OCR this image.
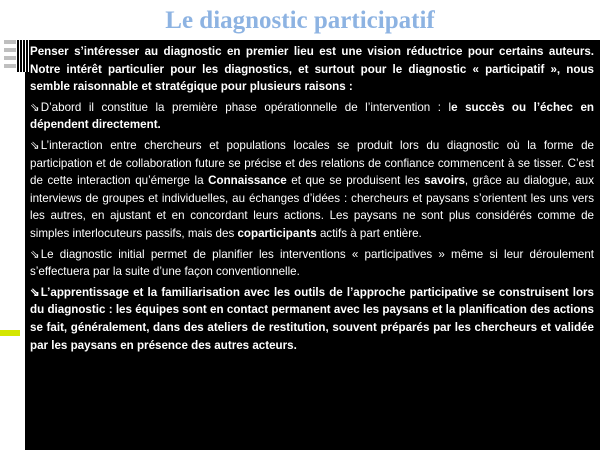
Le diagnostic participatif

Penser s’intéresser au diagnostic en premier lieu est une vision réductrice pour certains auteurs. Notre intérêt particulier pour les diagnostics, et surtout pour le diagnostic « participatif », nous semble raisonnable et stratégique pour plusieurs raisons :

⇘D’abord il constitue la première phase opérationnelle de l’intervention : le succès ou l’échec en dépendent directement.

⇘L’interaction entre chercheurs et populations locales se produit lors du diagnostic où la forme de participation et de collaboration future se précise et des relations de confiance commencent à se tisser. C’est de cette interaction qu’émerge la Connaissance et que se produisent les savoirs, grâce au dialogue, aux interviews de groupes et individuelles, au échanges d’idées : chercheurs et paysans s’orientent les uns vers les autres, en ajustant et en concordant leurs actions. Les paysans ne sont plus considérés comme de simples interlocuteurs passifs, mais des coparticipants actifs à part entière.

⇘Le diagnostic initial permet de planifier les interventions « participatives » même si leur déroulement s’effectuera par la suite d’une façon conventionnelle.

⇘L’apprentissage et la familiarisation avec les outils de l’approche participative se construisent lors du diagnostic : les équipes sont en contact permanent avec les paysans et la planification des actions se fait, généralement, dans des ateliers de restitution, souvent préparés par les chercheurs et validée par les paysans en présence des autres acteurs.
